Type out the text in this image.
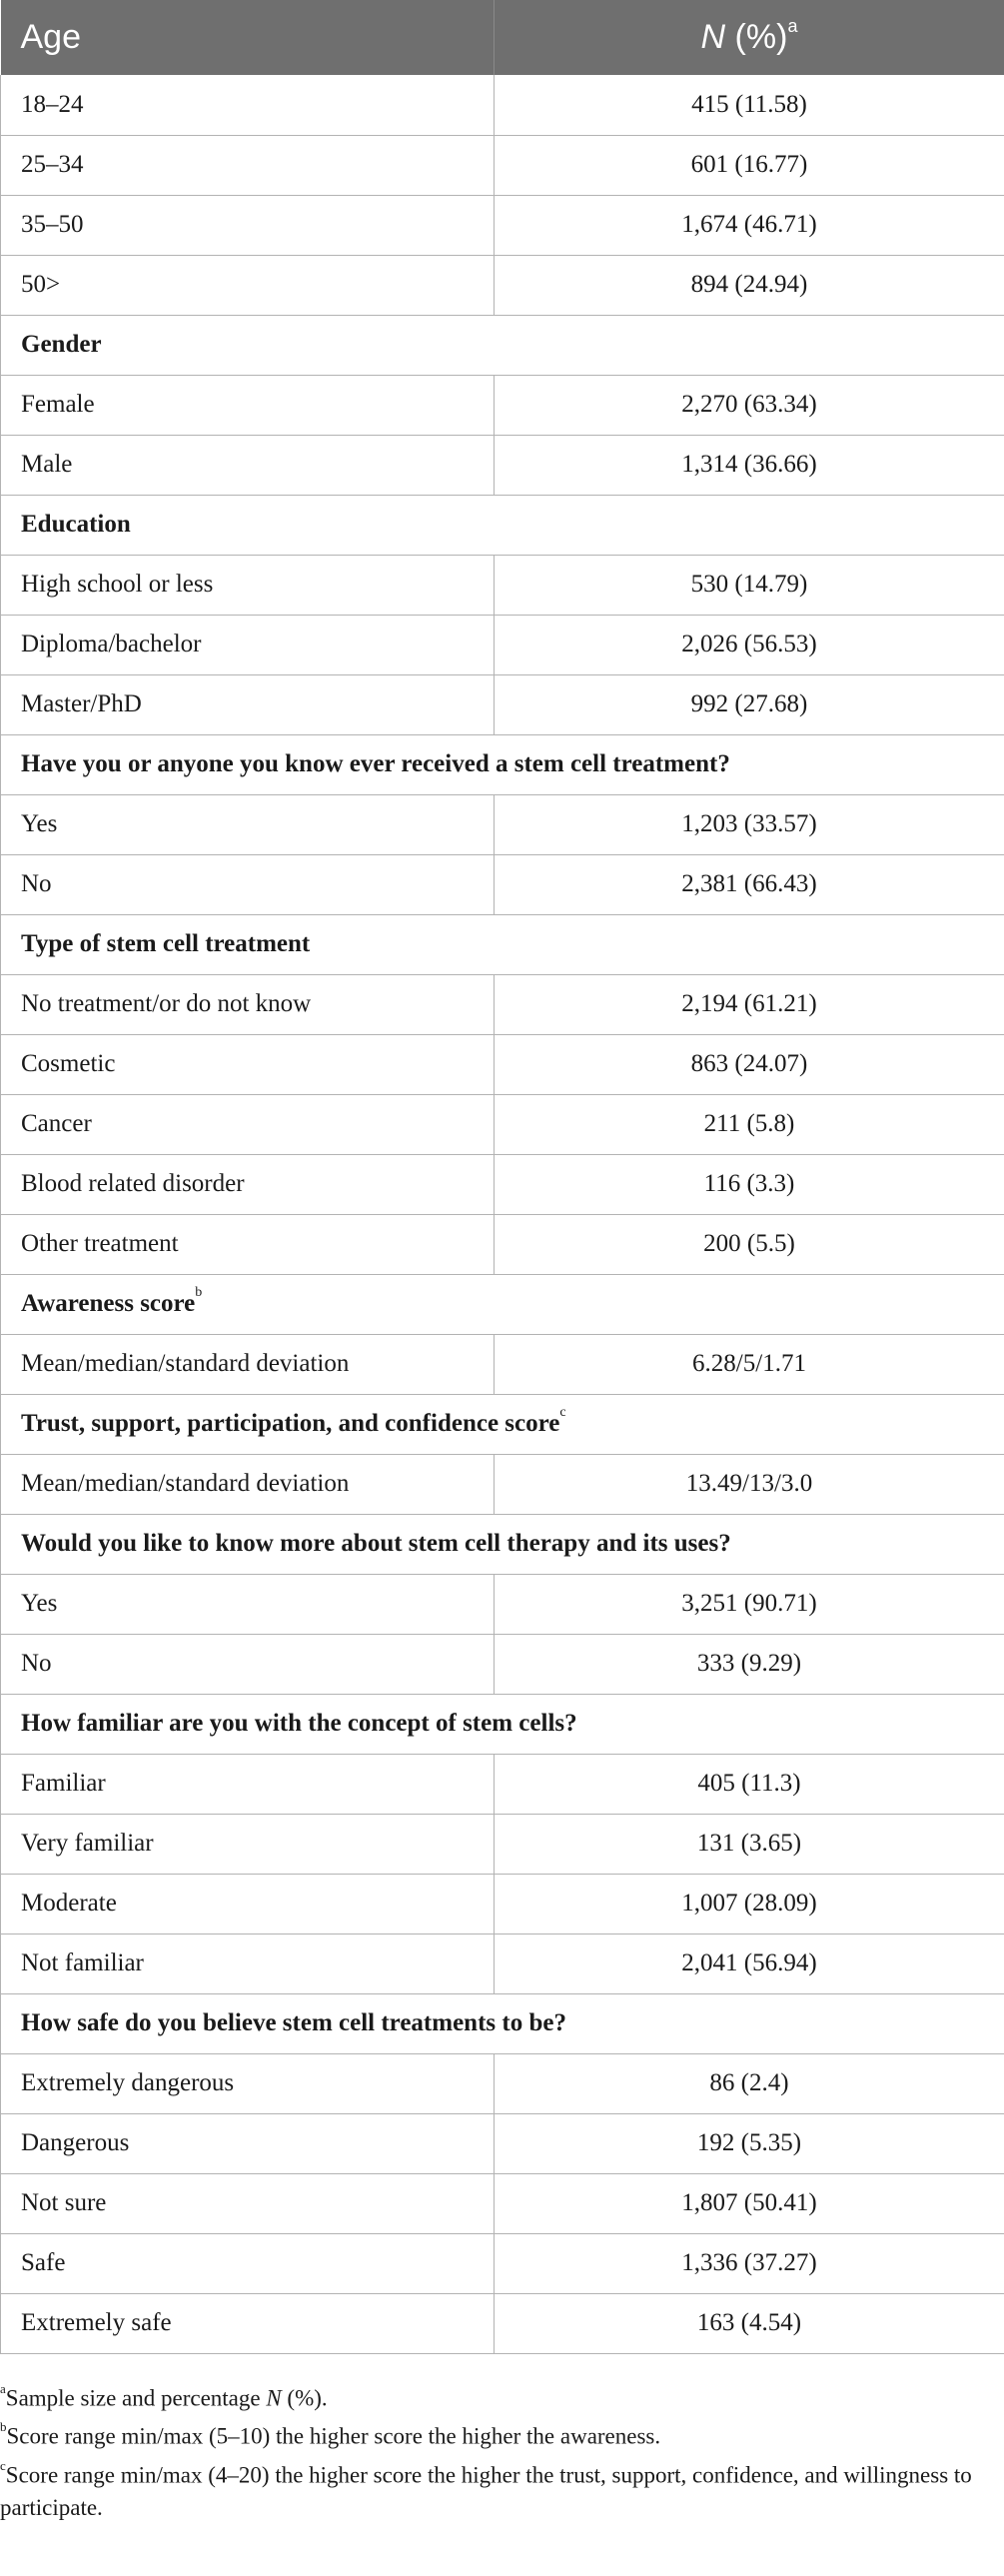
Age	N (%)$^a$
18–24	415 (11.58)
25–34	601 (16.77)
35–50	1,674 (46.71)
50>	894 (24.94)
Gender	
Female	2,270 (63.34)
Male	1,314 (36.66)
Education	
High school or less	530 (14.79)
Diploma/bachelor	2,026 (56.53)
Master/PhD	992 (27.68)
Have you or anyone you know ever received a stem cell treatment?	
Yes	1,203 (33.57)
No	2,381 (66.43)
Type of stem cell treatment	
No treatment/or do not know	2,194 (61.21)
Cosmetic	863 (24.07)
Cancer	211 (5.8)
Blood related disorder	116 (3.3)
Other treatment	200 (5.5)
Awareness score$^b$
Mean/median/standard deviation	6.28/5/1.71
Trust, support, participation, and confidence score$^c$
Mean/median/standard deviation	13.49/13/3.0
Would you like to know more about stem cell therapy and its uses?	
Yes	3,251 (90.71)
No	333 (9.29)
How familiar are you with the concept of stem cells?	
Familiar	405 (11.3)
Very familiar	131 (3.65)
Moderate	1,007 (28.09)
Not familiar	2,041 (56.94)
How safe do you believe stem cell treatments to be?	
Extremely dangerous	86 (2.4)
Dangerous	192 (5.35)
Not sure	1,807 (50.41)
Safe	1,336 (37.27)
Extremely safe	163 (4.54)

$^a$Sample size and percentage N (%).

$^b$Score range min/max (5–10) the higher score the higher the awareness.

$^c$Score range min/max (4–20) the higher score the higher the trust, support, confidence, and willingness to participate.
